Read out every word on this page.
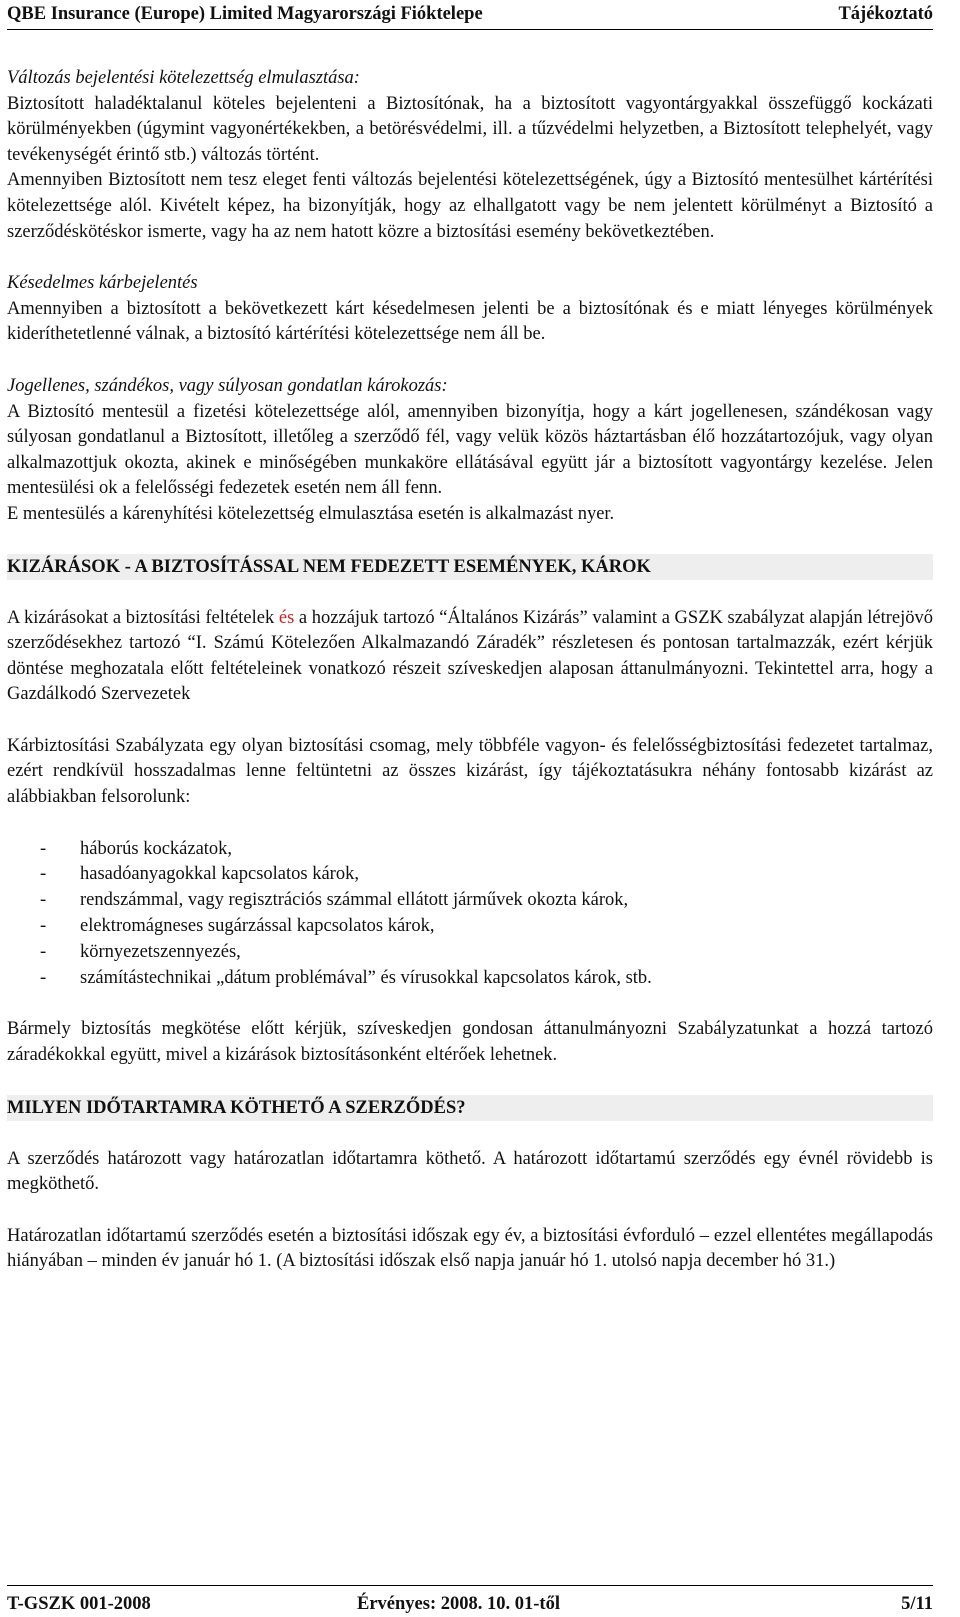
QBE Insurance (Europe) Limited Magyarországi Fióktelepe	Tájékoztató

Változás bejelentési kötelezettség elmulasztása:

Biztosított haladéktalanul köteles bejelenteni a Biztosítónak, ha a biztosított vagyontárgyakkal összefüggő kockázati körülményekben (úgymint vagyonértékekben, a betörésvédelmi, ill. a tűzvédelmi helyzetben, a Biztosított telephelyét, vagy tevékenységét érintő stb.) változás történt.

Amennyiben Biztosított nem tesz eleget fenti változás bejelentési kötelezettségének, úgy a Biztosító mentesülhet kártérítési kötelezettsége alól. Kivételt képez, ha bizonyítják, hogy az elhallgatott vagy be nem jelentett körülményt a Biztosító a szerződéskötéskor ismerte, vagy ha az nem hatott közre a biztosítási esemény bekövetkeztében.

Késedelmes kárbejelentés

Amennyiben a biztosított a bekövetkezett kárt késedelmesen jelenti be a biztosítónak és e miatt lényeges körülmények kideríthetetlenné válnak, a biztosító kártérítési kötelezettsége nem áll be.

Jogellenes, szándékos, vagy súlyosan gondatlan károkozás:

A Biztosító mentesül a fizetési kötelezettsége alól, amennyiben bizonyítja, hogy a kárt jogellenesen, szándékosan vagy súlyosan gondatlanul a Biztosított, illetőleg a szerződő fél, vagy velük közös háztartásban élő hozzátartozójuk, vagy olyan alkalmazottjuk okozta, akinek e minőségében munkaköre ellátásával együtt jár a biztosított vagyontárgy kezelése. Jelen mentesülési ok a felelősségi fedezetek esetén nem áll fenn.

E mentesülés a kárenyhítési kötelezettség elmulasztása esetén is alkalmazást nyer.

KIZÁRÁSOK - A BIZTOSÍTÁSSAL NEM FEDEZETT ESEMÉNYEK, KÁROK

A kizárásokat a biztosítási feltételek és a hozzájuk tartozó “Általános Kizárás” valamint a GSZK szabályzat alapján létrejövő szerződésekhez tartozó “I. Számú Kötelezően Alkalmazandó Záradék” részletesen és pontosan tartalmazzák, ezért kérjük döntése meghozatala előtt feltételeinek vonatkozó részeit szíveskedjen alaposan áttanulmányozni. Tekintettel arra, hogy a Gazdálkodó Szervezetek

Kárbiztosítási Szabályzata egy olyan biztosítási csomag, mely többféle vagyon- és felelősségbiztosítási fedezetet tartalmaz, ezért rendkívül hosszadalmas lenne feltüntetni az összes kizárást, így tájékoztatásukra néhány fontosabb kizárást az alábbiakban felsorolunk:

- háborús kockázatok,
- hasadóanyagokkal kapcsolatos károk,
- rendszámmal, vagy regisztrációs számmal ellátott járművek okozta károk,
- elektromágneses sugárzással kapcsolatos károk,
- környezetszennyezés,
- számítástechnikai „dátum problémával” és vírusokkal kapcsolatos károk, stb.

Bármely biztosítás megkötése előtt kérjük, szíveskedjen gondosan áttanulmányozni Szabályzatunkat a hozzá tartozó záradékokkal együtt, mivel a kizárások biztosításonként eltérőek lehetnek.

MILYEN IDŐTARTAMRA KÖTHETŐ A SZERZŐDÉS?

A szerződés határozott vagy határozatlan időtartamra köthető. A határozott időtartamú szerződés egy évnél rövidebb is megköthető.

Határozatlan időtartamú szerződés esetén a biztosítási időszak egy év, a biztosítási évforduló – ezzel ellentétes megállapodás hiányában – minden év január hó 1. (A biztosítási időszak első napja január hó 1. utolsó napja december hó 31.)

T-GSZK 001-2008	Érvényes: 2008. 10. 01-től	5/11
